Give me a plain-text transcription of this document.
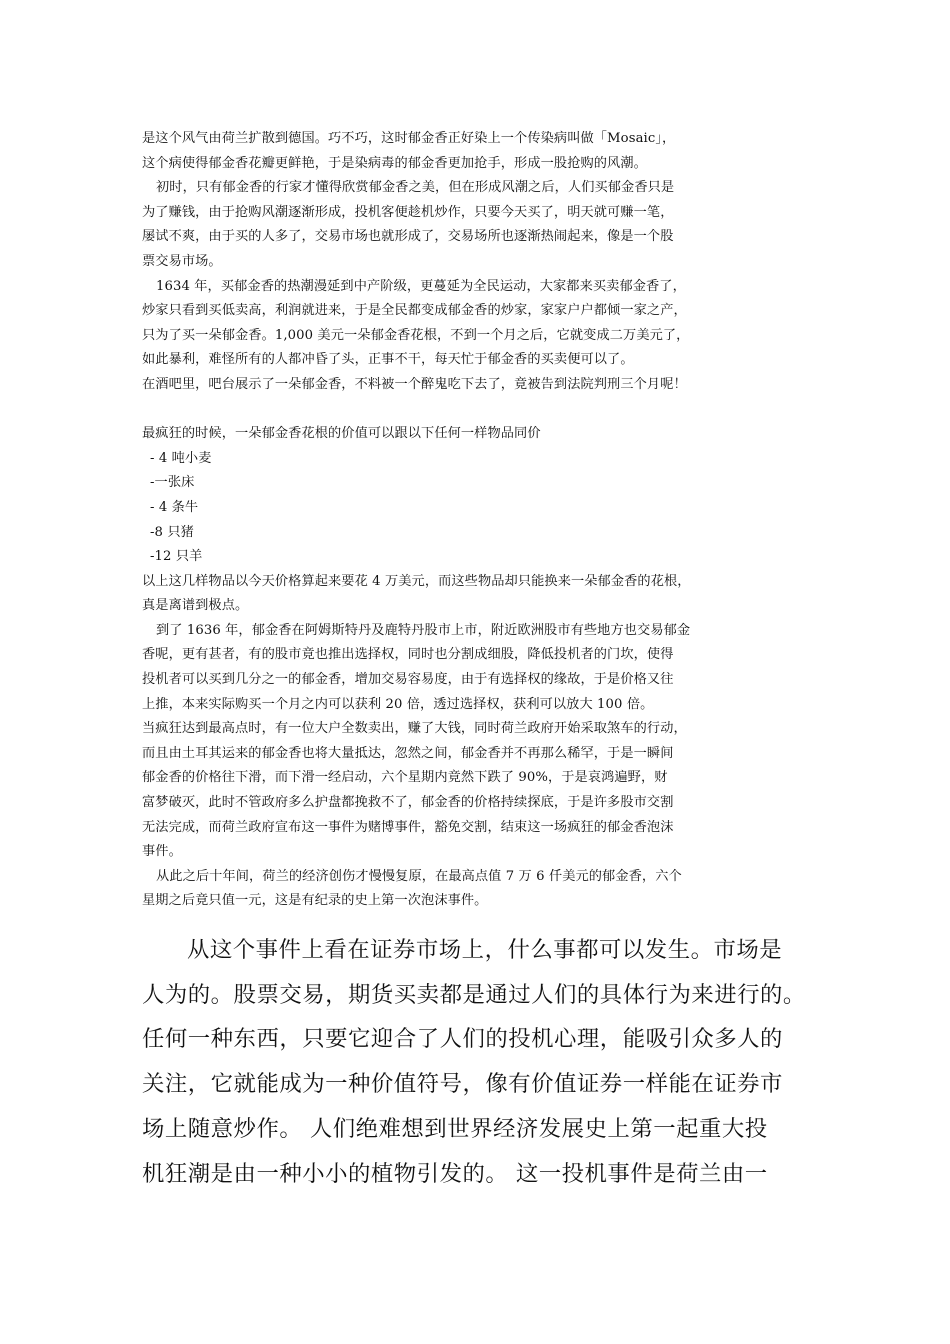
是这个风气由荷兰扩散到德国。巧不巧，这时郁金香正好染上一个传染病叫做「Mosaic」，

这个病使得郁金香花瓣更鲜艳，于是染病毒的郁金香更加抢手，形成一股抢购的风潮。

初时，只有郁金香的行家才懂得欣赏郁金香之美，但在形成风潮之后，人们买郁金香只是

为了赚钱，由于抢购风潮逐渐形成，投机客便趁机炒作，只要今天买了，明天就可赚一笔，

屡试不爽，由于买的人多了，交易市场也就形成了，交易场所也逐渐热闹起来，像是一个股

票交易市场。

1634 年，买郁金香的热潮漫延到中产阶级，更蔓延为全民运动，大家都来买卖郁金香了，

炒家只看到买低卖高，利润就进来，于是全民都变成郁金香的炒家，家家户户都倾一家之产，

只为了买一朵郁金香。1,000 美元一朵郁金香花根，不到一个月之后，它就变成二万美元了，

如此暴利，难怪所有的人都冲昏了头，正事不干，每天忙于郁金香的买卖便可以了。

在酒吧里，吧台展示了一朵郁金香，不料被一个醉鬼吃下去了，竟被告到法院判刑三个月呢！

最疯狂的时候，一朵郁金香花根的价值可以跟以下任何一样物品同价

- 4 吨小麦

-一张床

- 4 条牛

-8 只猪

-12 只羊

以上这几样物品以今天价格算起来要花 4 万美元，而这些物品却只能换来一朵郁金香的花根，

真是离谱到极点。

到了 1636 年，郁金香在阿姆斯特丹及鹿特丹股市上市，附近欧洲股市有些地方也交易郁金

香呢，更有甚者，有的股市竟也推出选择权，同时也分割成细股，降低投机者的门坎，使得

投机者可以买到几分之一的郁金香，增加交易容易度，由于有选择权的缘故，于是价格又往

上推，本来实际购买一个月之内可以获利 20 倍，透过选择权，获利可以放大 100 倍。

当疯狂达到最高点时，有一位大户全数卖出，赚了大钱，同时荷兰政府开始采取煞车的行动，

而且由土耳其运来的郁金香也将大量抵达，忽然之间，郁金香并不再那么稀罕，于是一瞬间

郁金香的价格往下滑，而下滑一经启动，六个星期内竟然下跌了 90%，于是哀鸿遍野，财

富梦破灭，此时不管政府多么护盘都挽救不了，郁金香的价格持续探底，于是许多股市交割

无法完成，而荷兰政府宣布这一事件为赌博事件，豁免交割，结束这一场疯狂的郁金香泡沫

事件。

从此之后十年间，荷兰的经济创伤才慢慢复原，在最高点值 7 万 6 仟美元的郁金香，六个

星期之后竟只值一元，这是有纪录的史上第一次泡沫事件。

从这个事件上看在证券市场上，什么事都可以发生。市场是

人为的。股票交易，期货买卖都是通过人们的具体行为来进行的。

任何一种东西，只要它迎合了人们的投机心理，能吸引众多人的

关注，它就能成为一种价值符号，像有价值证券一样能在证券市

场上随意炒作。 人们绝难想到世界经济发展史上第一起重大投

机狂潮是由一种小小的植物引发的。 这一投机事件是荷兰由一
